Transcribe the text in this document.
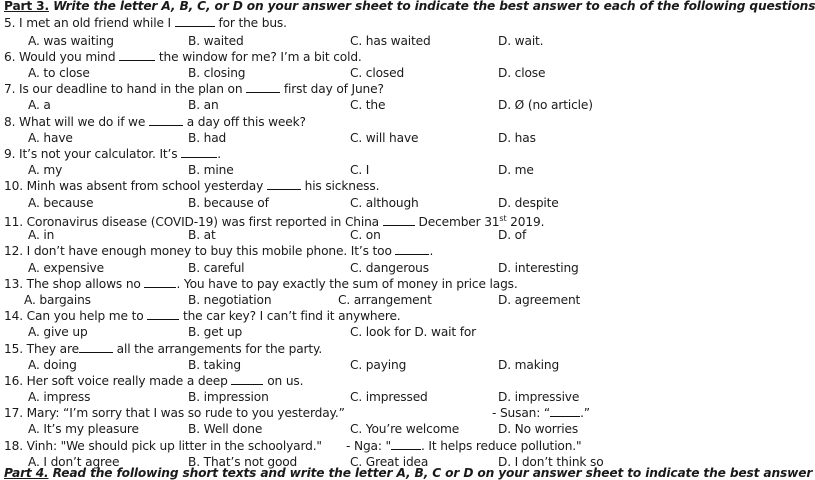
Part 3. Write the letter A, B, C, or D on your answer sheet to indicate the best answer to each of the following questions
5. I met an old friend while I	for the bus.
A. was waiting	B. waited	C. has waited	D. wait.
6. Would you mind	the window for me? I’m a bit cold.
A. to close	B. closing	C. closed	D. close
7. Is our deadline to hand in the plan on	first day of June?
A. a	B. an	C. the	D. Ø (no article)
8. What will we do if we	a day off this week?
A. have	B. had	C. will have	D. has
9. It’s not your calculator. It’s	.
A. my	B. mine	C. I	D. me
10. Minh was absent from school yesterday	his sickness.
A. because	B. because of	C. although	D. despite
11. Coronavirus disease (COVID-19) was first reported in China	December 31st 2019.
A. in	B. at	C. on	D. of
12. I don’t have enough money to buy this mobile phone. It’s too	.
A. expensive	B. careful	C. dangerous	D. interesting
13. The shop allows no	. You have to pay exactly the sum of money in price lags.
A. bargains	B. negotiation	C. arrangement	D. agreement
14. Can you help me to	the car key? I can’t find it anywhere.
A. give up	B. get up	C. look for D. wait for
15. They are	all the arrangements for the party.
A. doing	B. taking	C. paying	D. making
16. Her soft voice really made a deep	on us.
A. impress	B. impression	C. impressed	D. impressive
17. Mary: “I’m sorry that I was so rude to you yesterday.”	- Susan: “ .”
A. It’s my pleasure	B. Well done	C. You’re welcome	D. No worries
18. Vinh: "We should pick up litter in the schoolyard." - Nga: " . It helps reduce pollution."
A. I don’t agree	B. That’s not good	C. Great idea	D. I don’t think so
Part 4. Read the following short texts and write the letter A, B, C or D on your answer sheet to indicate the best answer
